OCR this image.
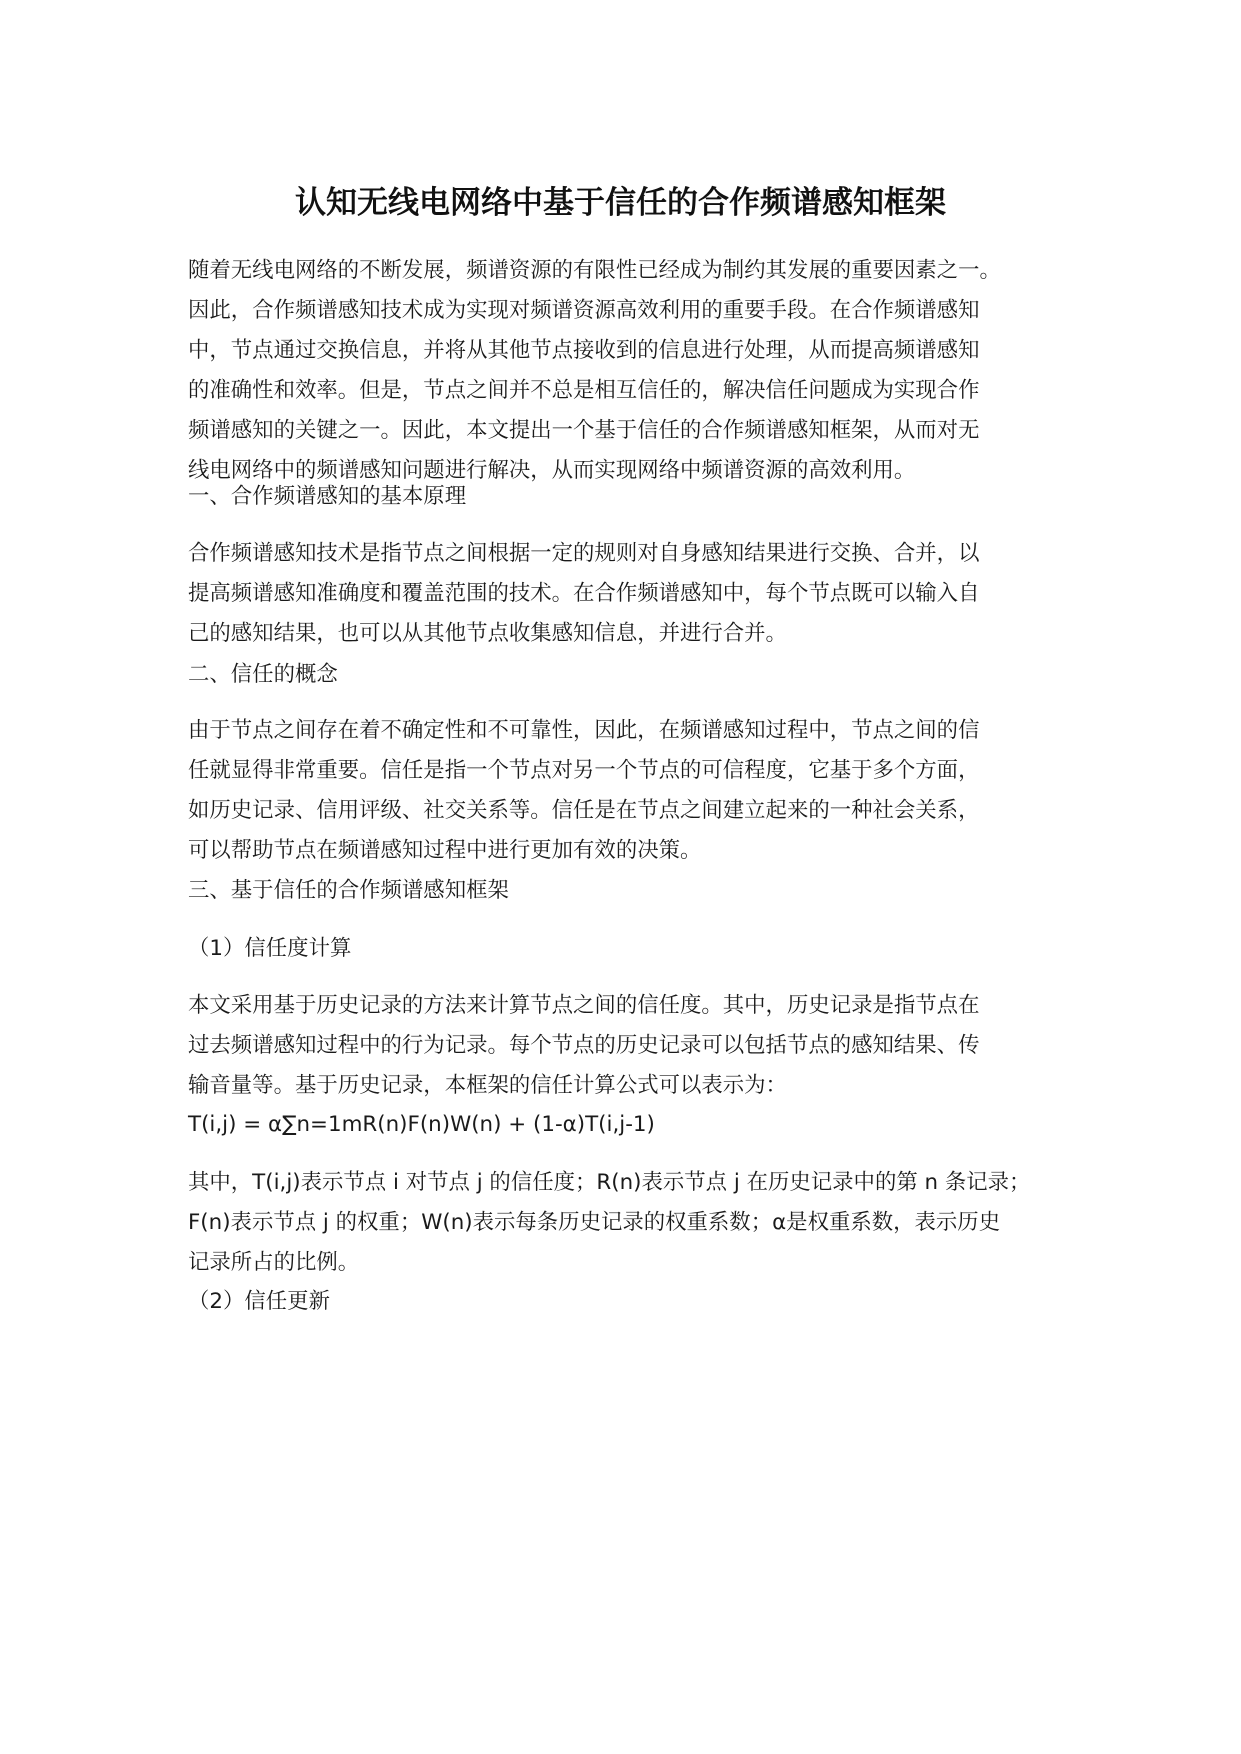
认知无线电网络中基于信任的合作频谱感知框架
随着无线电网络的不断发展，频谱资源的有限性已经成为制约其发展的重要因素之一。
因此，合作频谱感知技术成为实现对频谱资源高效利用的重要手段。在合作频谱感知
中，节点通过交换信息，并将从其他节点接收到的信息进行处理，从而提高频谱感知
的准确性和效率。但是，节点之间并不总是相互信任的，解决信任问题成为实现合作
频谱感知的关键之一。因此，本文提出一个基于信任的合作频谱感知框架，从而对无
线电网络中的频谱感知问题进行解决，从而实现网络中频谱资源的高效利用。
一、合作频谱感知的基本原理
合作频谱感知技术是指节点之间根据一定的规则对自身感知结果进行交换、合并，以
提高频谱感知准确度和覆盖范围的技术。在合作频谱感知中，每个节点既可以输入自
己的感知结果，也可以从其他节点收集感知信息，并进行合并。
二、信任的概念
由于节点之间存在着不确定性和不可靠性，因此，在频谱感知过程中，节点之间的信
任就显得非常重要。信任是指一个节点对另一个节点的可信程度，它基于多个方面，
如历史记录、信用评级、社交关系等。信任是在节点之间建立起来的一种社会关系，
可以帮助节点在频谱感知过程中进行更加有效的决策。
三、基于信任的合作频谱感知框架
（1）信任度计算
本文采用基于历史记录的方法来计算节点之间的信任度。其中，历史记录是指节点在
过去频谱感知过程中的行为记录。每个节点的历史记录可以包括节点的感知结果、传
输音量等。基于历史记录，本框架的信任计算公式可以表示为：
T(i,j) = α∑n=1mR(n)F(n)W(n) + (1-α)T(i,j-1)
其中，T(i,j)表示节点 i 对节点 j 的信任度；R(n)表示节点 j 在历史记录中的第 n 条记录；
F(n)表示节点 j 的权重；W(n)表示每条历史记录的权重系数；α是权重系数，表示历史
记录所占的比例。
（2）信任更新
